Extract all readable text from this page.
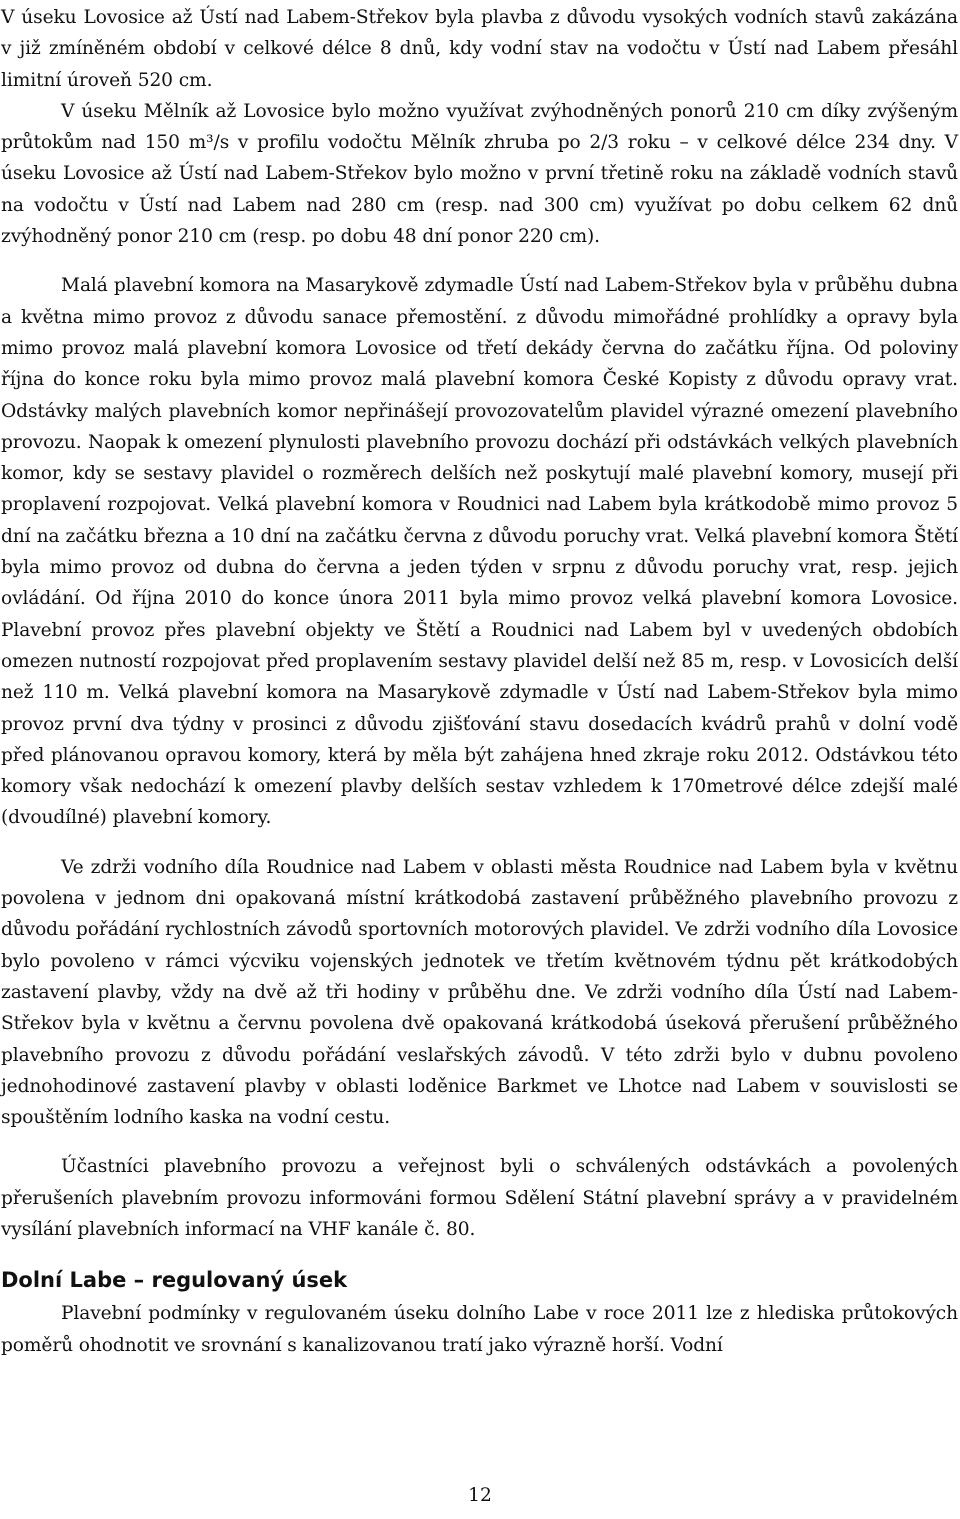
V úseku Lovosice až Ústí nad Labem-Střekov byla plavba z důvodu vysokých vodních stavů zakázána v již zmíněném období v celkové délce 8 dnů, kdy vodní stav na vodočtu v Ústí nad Labem přesáhl limitní úroveň 520 cm.

V úseku Mělník až Lovosice bylo možno využívat zvýhodněných ponorů 210 cm díky zvýšeným průtokům nad 150 m³/s v profilu vodočtu Mělník zhruba po 2/3 roku – v celkové délce 234 dny. V úseku Lovosice až Ústí nad Labem-Střekov bylo možno v první třetině roku na základě vodních stavů na vodočtu v Ústí nad Labem nad 280 cm (resp. nad 300 cm) využívat po dobu celkem 62 dnů zvýhodněný ponor 210 cm (resp. po dobu 48 dní ponor 220 cm).

Malá plavební komora na Masarykově zdymadle Ústí nad Labem-Střekov byla v průběhu dubna a května mimo provoz z důvodu sanace přemostění. z důvodu mimořádné prohlídky a opravy byla mimo provoz malá plavební komora Lovosice od třetí dekády června do začátku října. Od poloviny října do konce roku byla mimo provoz malá plavební komora České Kopisty z důvodu opravy vrat. Odstávky malých plavebních komor nepřinášejí provozovatelům plavidel výrazné omezení plavebního provozu. Naopak k omezení plynulosti plavebního provozu dochází při odstávkách velkých plavebních komor, kdy se sestavy plavidel o rozměrech delších než poskytují malé plavební komory, musejí při proplavení rozpojovat. Velká plavební komora v Roudnici nad Labem byla krátkodobě mimo provoz 5 dní na začátku března a 10 dní na začátku června z důvodu poruchy vrat. Velká plavební komora Štětí byla mimo provoz od dubna do června a jeden týden v srpnu z důvodu poruchy vrat, resp. jejich ovládání. Od října 2010 do konce února 2011 byla mimo provoz velká plavební komora Lovosice. Plavební provoz přes plavební objekty ve Štětí a Roudnici nad Labem byl v uvedených obdobích omezen nutností rozpojovat před proplavením sestavy plavidel delší než 85 m, resp. v Lovosicích delší než 110 m. Velká plavební komora na Masarykově zdymadle v Ústí nad Labem-Střekov byla mimo provoz první dva týdny v prosinci z důvodu zjišťování stavu dosedacích kvádrů prahů v dolní vodě před plánovanou opravou komory, která by měla být zahájena hned zkraje roku 2012. Odstávkou této komory však nedochází k omezení plavby delších sestav vzhledem k 170metrové délce zdejší malé (dvoudílné) plavební komory.

Ve zdrži vodního díla Roudnice nad Labem v oblasti města Roudnice nad Labem byla v květnu povolena v jednom dni opakovaná místní krátkodobá zastavení průběžného plavebního provozu z důvodu pořádání rychlostních závodů sportovních motorových plavidel. Ve zdrži vodního díla Lovosice bylo povoleno v rámci výcviku vojenských jednotek ve třetím květnovém týdnu pět krátkodobých zastavení plavby, vždy na dvě až tři hodiny v průběhu dne. Ve zdrži vodního díla Ústí nad Labem-Střekov byla v květnu a červnu povolena dvě opakovaná krátkodobá úseková přerušení průběžného plavebního provozu z důvodu pořádání veslařských závodů. V této zdrži bylo v dubnu povoleno jednohodinové zastavení plavby v oblasti loděnice Barkmet ve Lhotce nad Labem v souvislosti se spouštěním lodního kaska na vodní cestu.

Účastníci plavebního provozu a veřejnost byli o schválených odstávkách a povolených přerušeních plavebním provozu informováni formou Sdělení Státní plavební správy a v pravidelném vysílání plavebních informací na VHF kanále č. 80.

Dolní Labe – regulovaný úsek

Plavební podmínky v regulovaném úseku dolního Labe v roce 2011 lze z hlediska průtokových poměrů ohodnotit ve srovnání s kanalizovanou tratí jako výrazně horší. Vodní

12
